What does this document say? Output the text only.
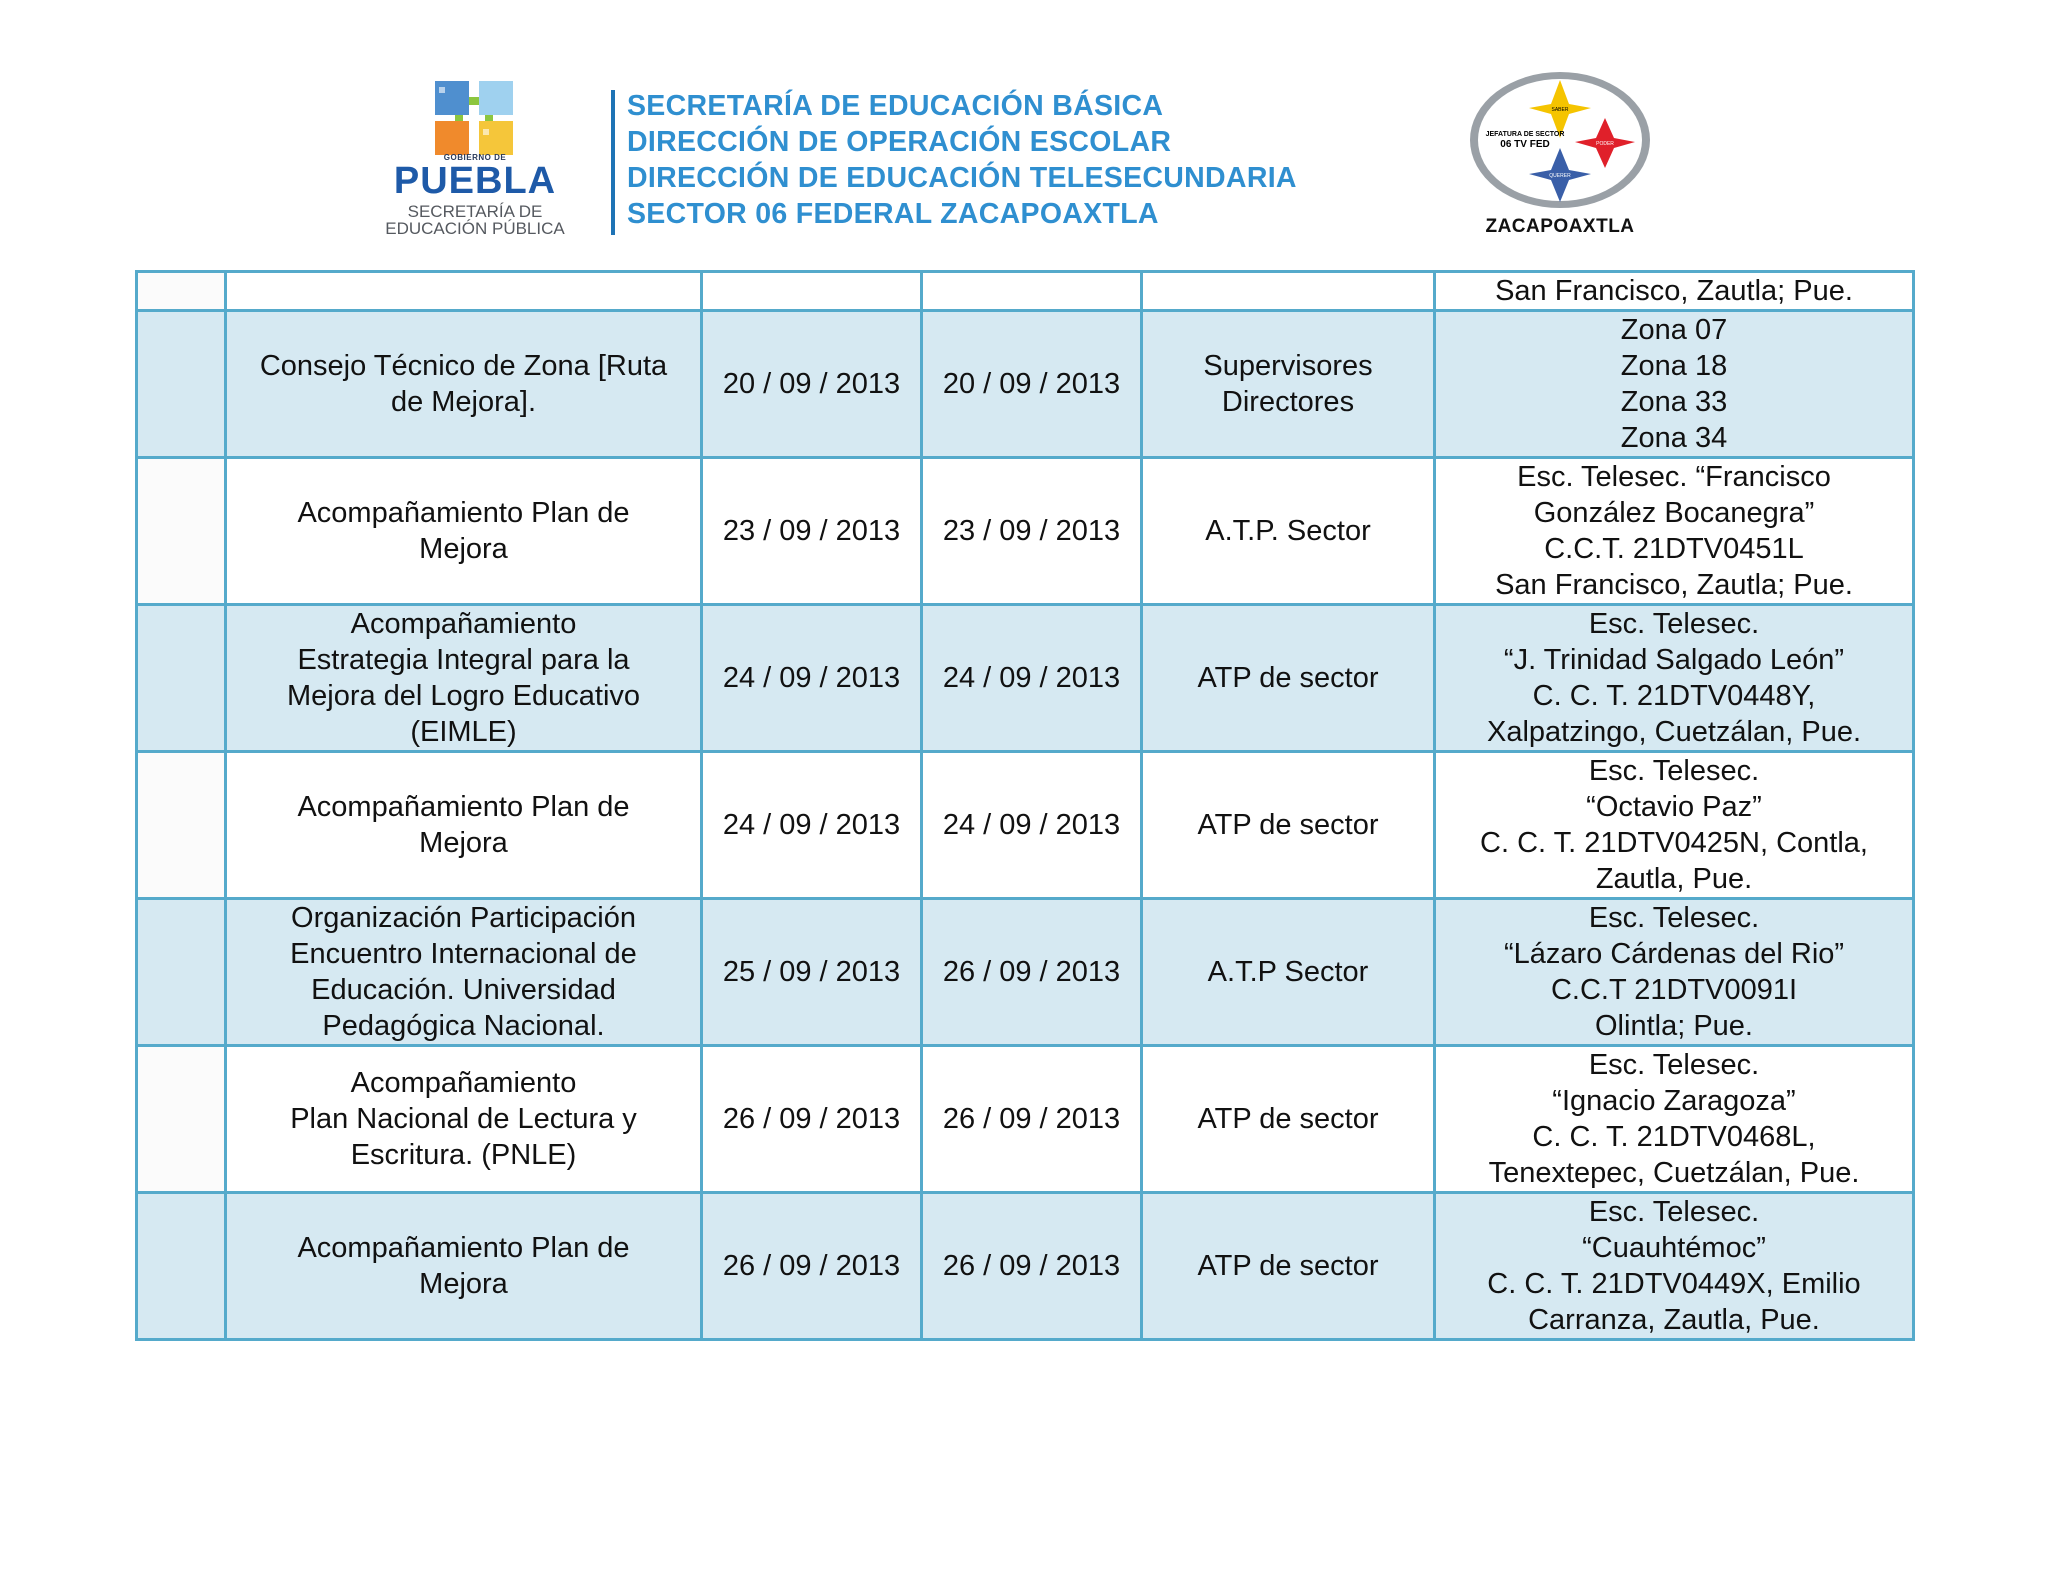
GOBIERNO DE
PUEBLA
SECRETARÍA DE
EDUCACIÓN PÚBLICA
SECRETARÍA DE EDUCACIÓN BÁSICA
DIRECCIÓN DE OPERACIÓN ESCOLAR
DIRECCIÓN DE EDUCACIÓN TELESECUNDARIA
SECTOR 06 FEDERAL ZACAPOAXTLA
SABER
PODER
QUERER
JEFATURA DE SECTOR
06 TV FED
ZACAPOAXTLA

					San Francisco, Zautla; Pue.

	Consejo Técnico de Zona [Ruta
de Mejora].	20 / 09 / 2013	20 / 09 / 2013	Supervisores
Directores	Zona 07
Zona 18
Zona 33
Zona 34

	Acompañamiento Plan de
Mejora	23 / 09 / 2013	23 / 09 / 2013	A.T.P. Sector	Esc. Telesec. “Francisco
González Bocanegra”
C.C.T. 21DTV0451L
San Francisco, Zautla; Pue.

	Acompañamiento
Estrategia Integral para la
Mejora del Logro Educativo
(EIMLE)	24 / 09 / 2013	24 / 09 / 2013	ATP de sector	Esc. Telesec.
“J. Trinidad Salgado León”
C. C. T. 21DTV0448Y,
Xalpatzingo, Cuetzálan, Pue.

	Acompañamiento Plan de
Mejora	24 / 09 / 2013	24 / 09 / 2013	ATP de sector	Esc. Telesec.
“Octavio Paz”
C. C. T. 21DTV0425N, Contla,
Zautla, Pue.

	Organización Participación
Encuentro Internacional de
Educación. Universidad
Pedagógica Nacional.	25 / 09 / 2013	26 / 09 / 2013	A.T.P Sector	Esc. Telesec.
“Lázaro Cárdenas del Rio”
C.C.T 21DTV0091I
Olintla; Pue.

	Acompañamiento
Plan Nacional de Lectura y
Escritura. (PNLE)	26 / 09 / 2013	26 / 09 / 2013	ATP de sector	Esc. Telesec.
“Ignacio Zaragoza”
C. C. T. 21DTV0468L,
Tenextepec, Cuetzálan, Pue.

	Acompañamiento Plan de
Mejora	26 / 09 / 2013	26 / 09 / 2013	ATP de sector	Esc. Telesec.
“Cuauhtémoc”
C. C. T. 21DTV0449X, Emilio
Carranza, Zautla, Pue.
